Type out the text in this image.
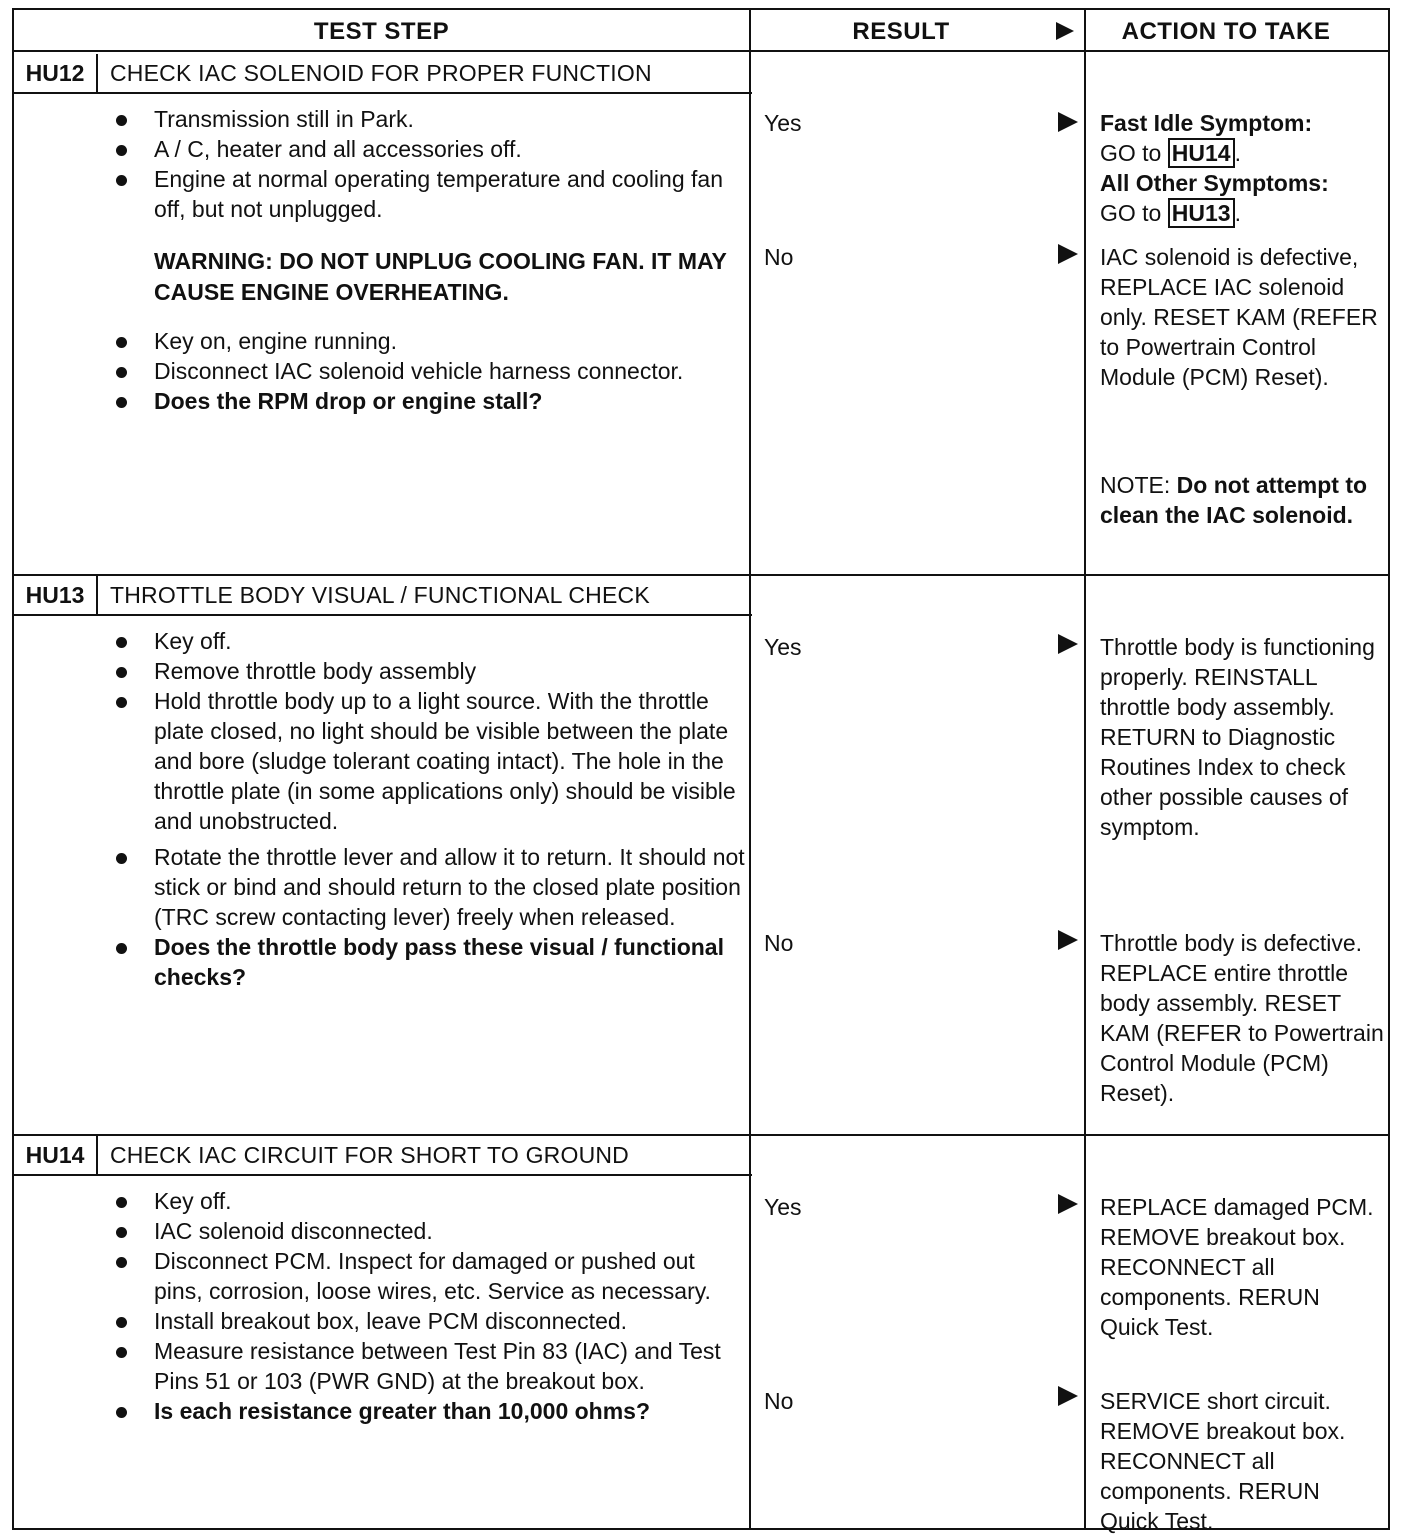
TEST STEP	RESULT	ACTION TO TAKE
HU12	CHECK IAC SOLENOID FOR PROPER FUNCTION
Transmission still in Park.
A / C, heater and all accessories off.
Engine at normal operating temperature and cooling fan off, but not unplugged.
WARNING: DO NOT UNPLUG COOLING FAN. IT MAY CAUSE ENGINE OVERHEATING.
Key on, engine running.
Disconnect IAC solenoid vehicle harness connector.
Does the RPM drop or engine stall?
Yes	Fast Idle Symptom:
GO to HU14 .
All Other Symptoms:
GO to HU13 .
No	IAC solenoid is defective, REPLACE IAC solenoid only. RESET KAM (REFER to Powertrain Control Module (PCM) Reset).
NOTE: Do not attempt to clean the IAC solenoid.
HU13	THROTTLE BODY VISUAL / FUNCTIONAL CHECK
Key off.
Remove throttle body assembly
Hold throttle body up to a light source. With the throttle plate closed, no light should be visible between the plate and bore (sludge tolerant coating intact). The hole in the throttle plate (in some applications only) should be visible and unobstructed.
Rotate the throttle lever and allow it to return. It should not stick or bind and should return to the closed plate position (TRC screw contacting lever) freely when released.
Does the throttle body pass these visual / functional checks?
Yes	Throttle body is functioning properly. REINSTALL throttle body assembly. RETURN to Diagnostic Routines Index to check other possible causes of symptom.
No	Throttle body is defective. REPLACE entire throttle body assembly. RESET KAM (REFER to Powertrain Control Module (PCM) Reset).
HU14	CHECK IAC CIRCUIT FOR SHORT TO GROUND
Key off.
IAC solenoid disconnected.
Disconnect PCM. Inspect for damaged or pushed out pins, corrosion, loose wires, etc. Service as necessary.
Install breakout box, leave PCM disconnected.
Measure resistance between Test Pin 83 (IAC) and Test Pins 51 or 103 (PWR GND) at the breakout box.
Is each resistance greater than 10,000 ohms?
Yes	REPLACE damaged PCM. REMOVE breakout box. RECONNECT all components. RERUN Quick Test.
No	SERVICE short circuit. REMOVE breakout box. RECONNECT all components. RERUN Quick Test.
